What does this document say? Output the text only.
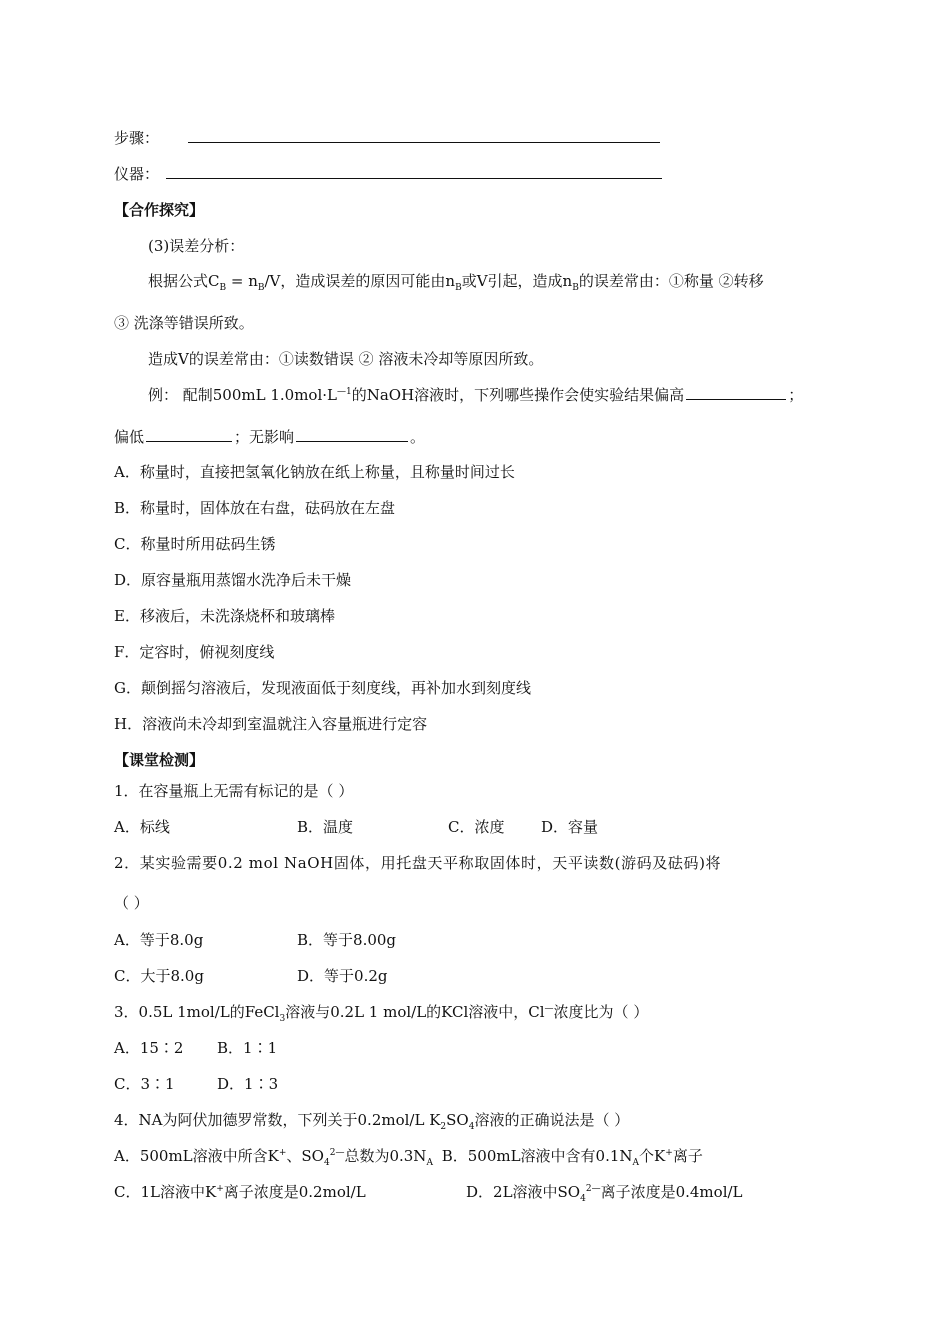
步骤：
仪器：
【合作探究】
(3)误差分析：
根据公式$C_B = n_B/V$，造成误差的原因可能由$n_B$或V引起，造成$n_B$的误差常由：①称量 ②转移
③ 洗涤等错误所致。
造成V的误差常由：①读数错误 ② 溶液未冷却等原因所致。
例： 配制500mL $1.0mol\cdot L^{—1}$的NaOH溶液时，下列哪些操作会使实验结果偏高	；
偏低	；无影响	。
A．称量时，直接把氢氧化钠放在纸上称量，且称量时间过长
B．称量时，固体放在右盘，砝码放在左盘
C．称量时所用砝码生锈
D．原容量瓶用蒸馏水洗净后未干燥
E．移液后，未洗涤烧杯和玻璃棒
F．定容时，俯视刻度线
G．颠倒摇匀溶液后，发现液面低于刻度线，再补加水到刻度线
H．溶液尚未冷却到室温就注入容量瓶进行定容
【课堂检测】
1．在容量瓶上无需有标记的是（ ）
A．标线	B．温度	C．浓度 D．容量
2．某实验需要0.2 mol NaOH固体，用托盘天平称取固体时，天平读数(游码及砝码)将
（ ）
A．等于8.0g	B．等于8.00g
C．大于8.0g	D．等于0.2g
3．0.5L 1mol/L的FeCl$_3$溶液与0.2L 1 mol/L的KCl溶液中，Cl—浓度比为（ ）
A．15∶2 B．1∶1
C．3∶1	D．1∶3
4．NA为阿伏加德罗常数，下列关于0.2mol/L $K_2SO_4$溶液的正确说法是（ ）
A．500mL溶液中所含K+、$SO_4^{2—}$总数为$0.3N_A$ B．500mL溶液中含有$0.1N_A$个K+离子
C．1L溶液中K+离子浓度是0.2mol/L	D．2L溶液中$SO_4^{2—}$离子浓度是0.4mol/L
